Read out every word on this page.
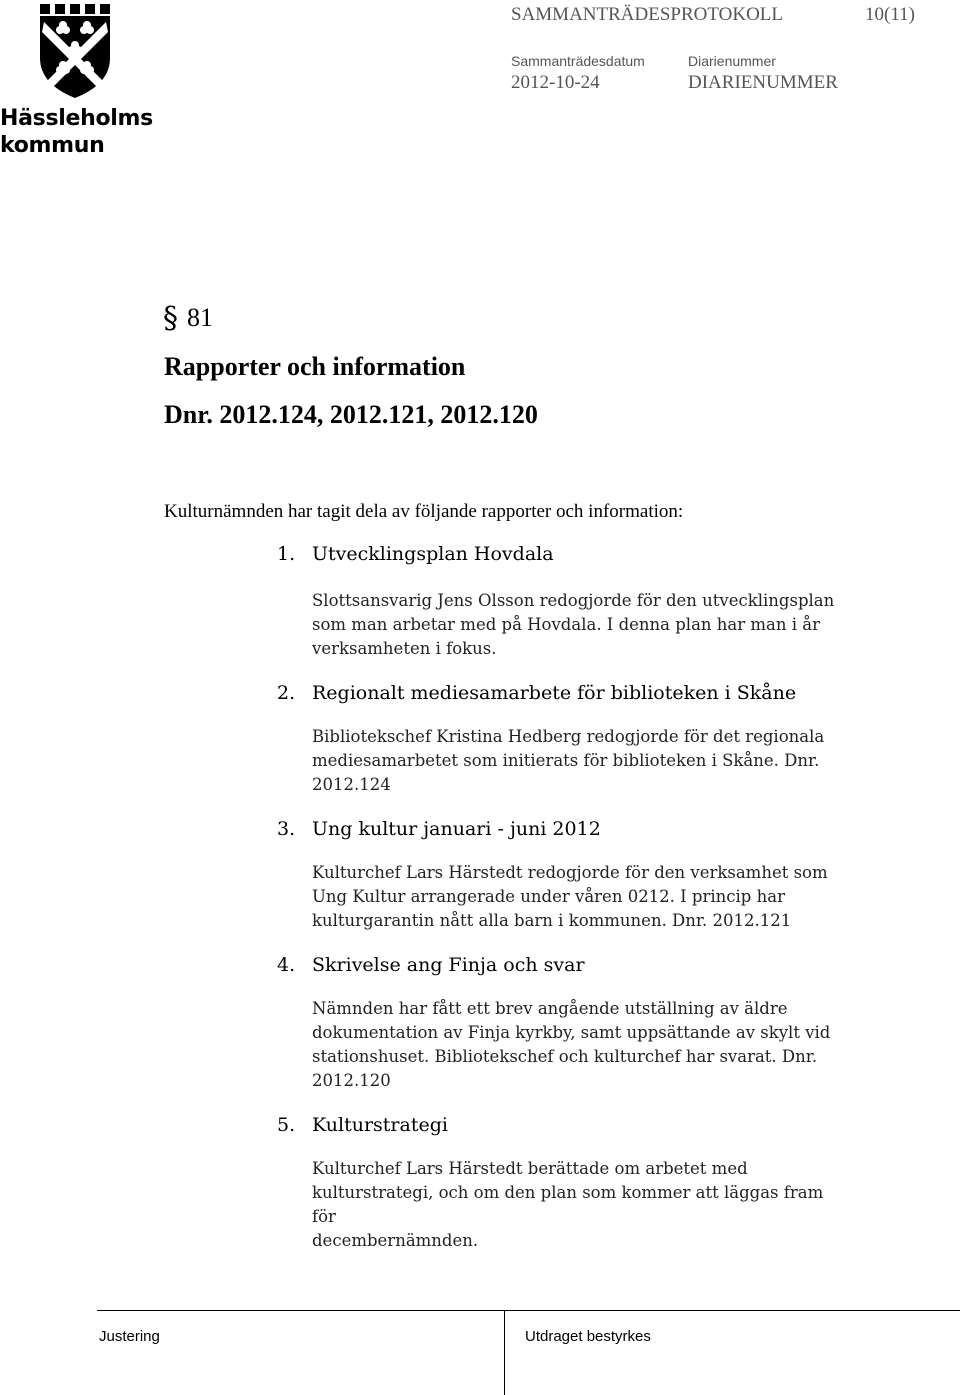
Hässleholms
kommun
SAMMANTRÄDESPROTOKOLL	10(11)
Sammanträdesdatum
2012-10-24
Diarienummer
DIARIENUMMER
§ 81
Rapporter och information
Dnr. 2012.124, 2012.121, 2012.120
Kulturnämnden har tagit dela av följande rapporter och information:
1. Utvecklingsplan Hovdala
Slottsansvarig Jens Olsson redogjorde för den utvecklingsplan
som man arbetar med på Hovdala. I denna plan har man i år
verksamheten i fokus.
2. Regionalt mediesamarbete för biblioteken i Skåne
Bibliotekschef Kristina Hedberg redogjorde för det regionala
mediesamarbetet som initierats för biblioteken i Skåne. Dnr.
2012.124
3. Ung kultur januari - juni 2012
Kulturchef Lars Härstedt redogjorde för den verksamhet som
Ung Kultur arrangerade under våren 0212. I princip har
kulturgarantin nått alla barn i kommunen. Dnr. 2012.121
4. Skrivelse ang Finja och svar
Nämnden har fått ett brev angående utställning av äldre
dokumentation av Finja kyrkby, samt uppsättande av skylt vid
stationshuset. Bibliotekschef och kulturchef har svarat. Dnr.
2012.120
5. Kulturstrategi
Kulturchef Lars Härstedt berättade om arbetet med
kulturstrategi, och om den plan som kommer att läggas fram för
decembernämnden.
Justering	Utdraget bestyrkes
